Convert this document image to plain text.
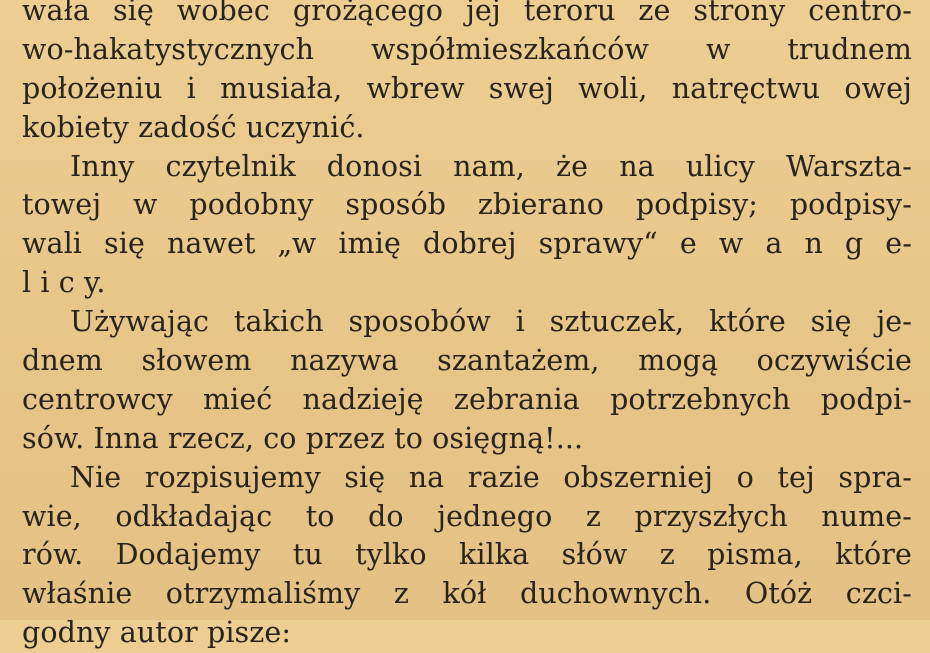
wała się wobec grożącego jej teroru ze strony centro-
wo-hakatystycznych współmieszkańców w trudnem
położeniu i musiała, wbrew swej woli, natręctwu owej
kobiety zadość uczynić.
Inny czytelnik donosi nam, że na ulicy Warszta-
towej w podobny sposób zbierano podpisy; podpisy-
wali się nawet „w imię dobrej sprawy“ e w a n g e-
l i c y.
Używając takich sposobów i sztuczek, które się je-
dnem słowem nazywa szantażem, mogą oczywiście
centrowcy mieć nadzieję zebrania potrzebnych podpi-
sów. Inna rzecz, co przez to osięgną!...
Nie rozpisujemy się na razie obszerniej o tej spra-
wie, odkładając to do jednego z przyszłych nume-
rów. Dodajemy tu tylko kilka słów z pisma, które
właśnie otrzymaliśmy z kół duchownych. Otóż czci-
godny autor pisze:
